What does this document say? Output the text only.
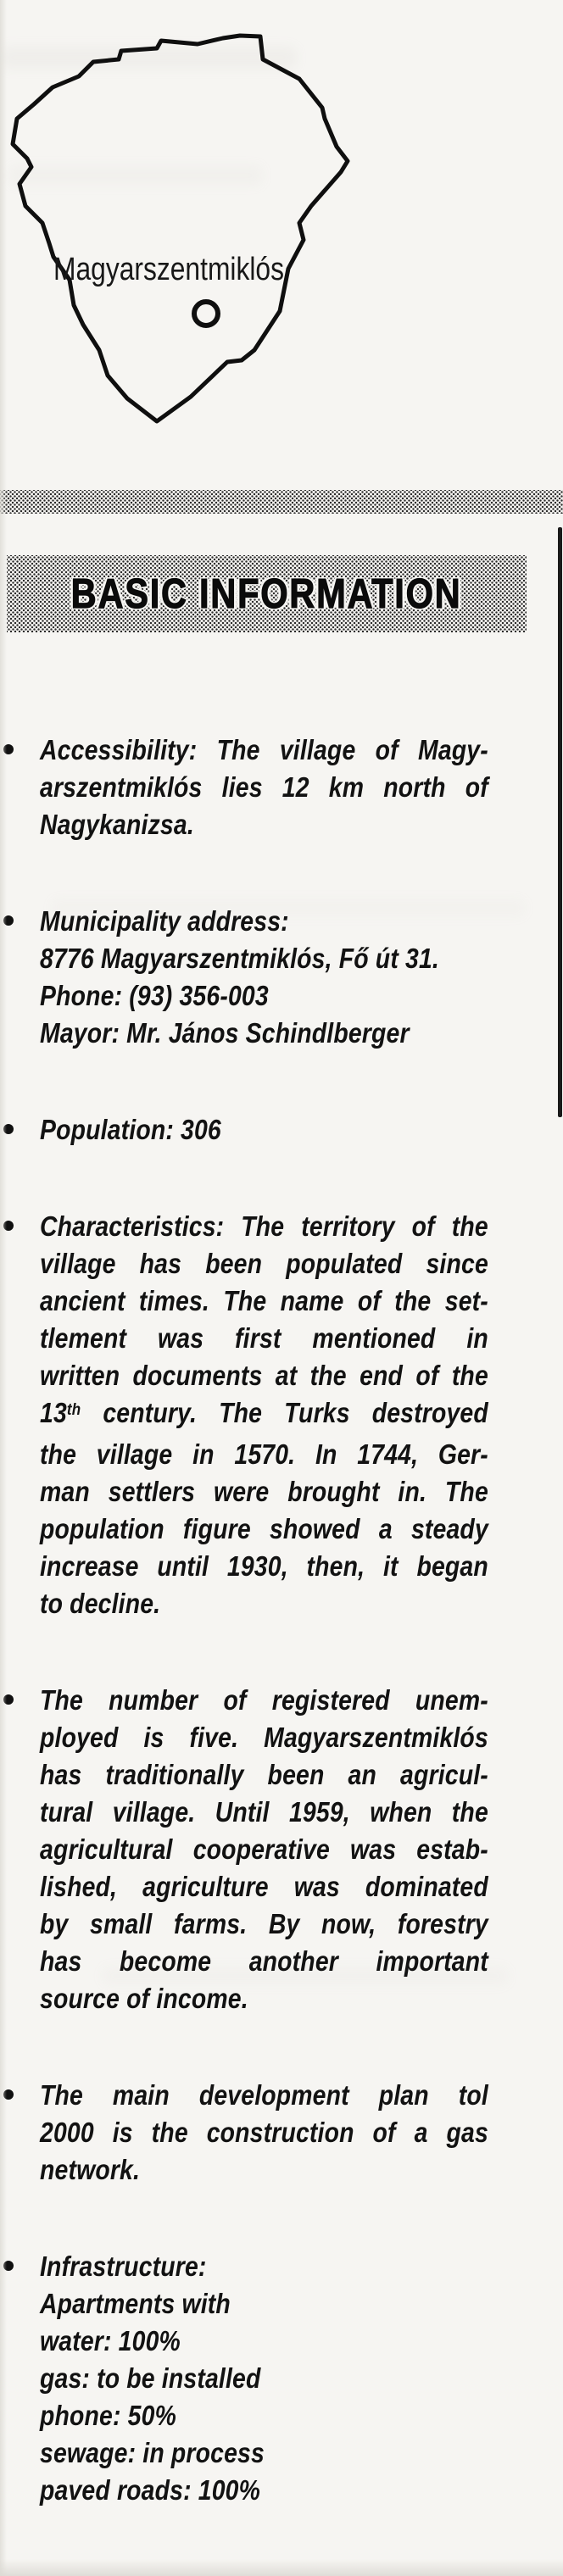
Magyarszentmiklós
BASIC INFORMATION
Accessibility: The village of Magy-
arszentmiklós lies 12 km north of
Nagykanizsa.
Municipality address:
8776 Magyarszentmiklós, Fő út 31.
Phone: (93) 356-003
Mayor: Mr. János Schindlberger
Population: 306
Characteristics: The territory of the
village has been populated since
ancient times. The name of the set-
tlement was first mentioned in
written documents at the end of the
13th century. The Turks destroyed
the village in 1570. In 1744, Ger-
man settlers were brought in. The
population figure showed a steady
increase until 1930, then, it began
to decline.
The number of registered unem-
ployed is five. Magyarszentmiklós
has traditionally been an agricul-
tural village. Until 1959, when the
agricultural cooperative was estab-
lished, agriculture was dominated
by small farms. By now, forestry
has become another important
source of income.
The main development plan tol
2000 is the construction of a gas
network.
Infrastructure:
Apartments with
water: 100%
gas: to be installed
phone: 50%
sewage: in process
paved roads: 100%
